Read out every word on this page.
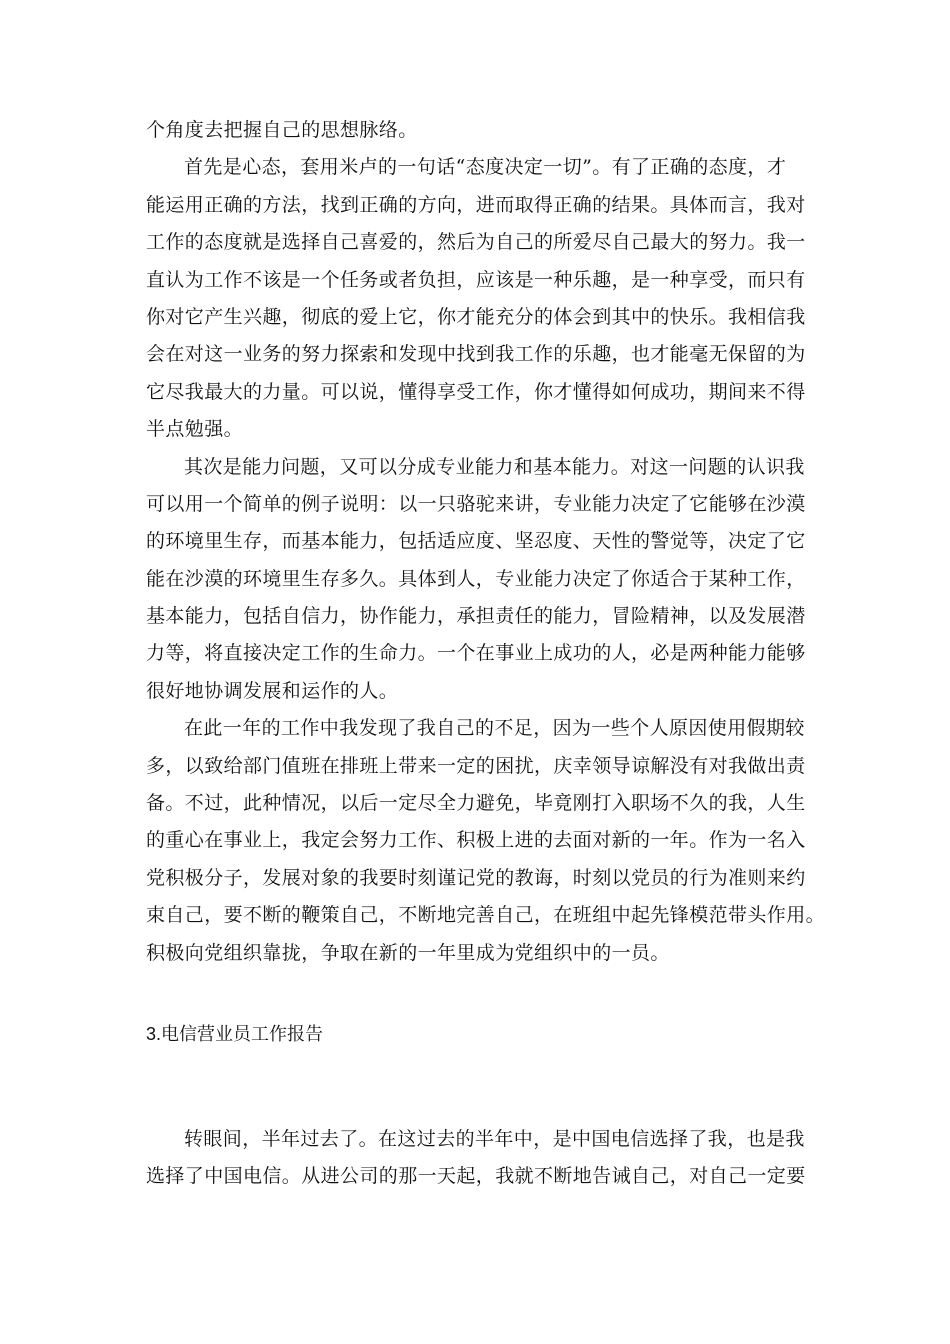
个角度去把握自己的思想脉络。
首先是心态，套用米卢的一句话“态度决定一切”。有了正确的态度，才
能运用正确的方法，找到正确的方向，进而取得正确的结果。具体而言，我对
工作的态度就是选择自己喜爱的，然后为自己的所爱尽自己最大的努力。我一
直认为工作不该是一个任务或者负担，应该是一种乐趣，是一种享受，而只有
你对它产生兴趣，彻底的爱上它，你才能充分的体会到其中的快乐。我相信我
会在对这一业务的努力探索和发现中找到我工作的乐趣，也才能毫无保留的为
它尽我最大的力量。可以说，懂得享受工作，你才懂得如何成功，期间来不得
半点勉强。
其次是能力问题，又可以分成专业能力和基本能力。对这一问题的认识我
可以用一个简单的例子说明：以一只骆驼来讲，专业能力决定了它能够在沙漠
的环境里生存，而基本能力，包括适应度、坚忍度、天性的警觉等，决定了它
能在沙漠的环境里生存多久。具体到人，专业能力决定了你适合于某种工作，
基本能力，包括自信力，协作能力，承担责任的能力，冒险精神，以及发展潜
力等，将直接决定工作的生命力。一个在事业上成功的人，必是两种能力能够
很好地协调发展和运作的人。
在此一年的工作中我发现了我自己的不足，因为一些个人原因使用假期较
多，以致给部门值班在排班上带来一定的困扰，庆幸领导谅解没有对我做出责
备。不过，此种情况，以后一定尽全力避免，毕竟刚打入职场不久的我，人生
的重心在事业上，我定会努力工作、积极上进的去面对新的一年。作为一名入
党积极分子，发展对象的我要时刻谨记党的教诲，时刻以党员的行为准则来约
束自己，要不断的鞭策自己，不断地完善自己，在班组中起先锋模范带头作用。
积极向党组织靠拢，争取在新的一年里成为党组织中的一员。
3.电信营业员工作报告
转眼间，半年过去了。在这过去的半年中，是中国电信选择了我，也是我
选择了中国电信。从进公司的那一天起，我就不断地告诫自己，对自己一定要
